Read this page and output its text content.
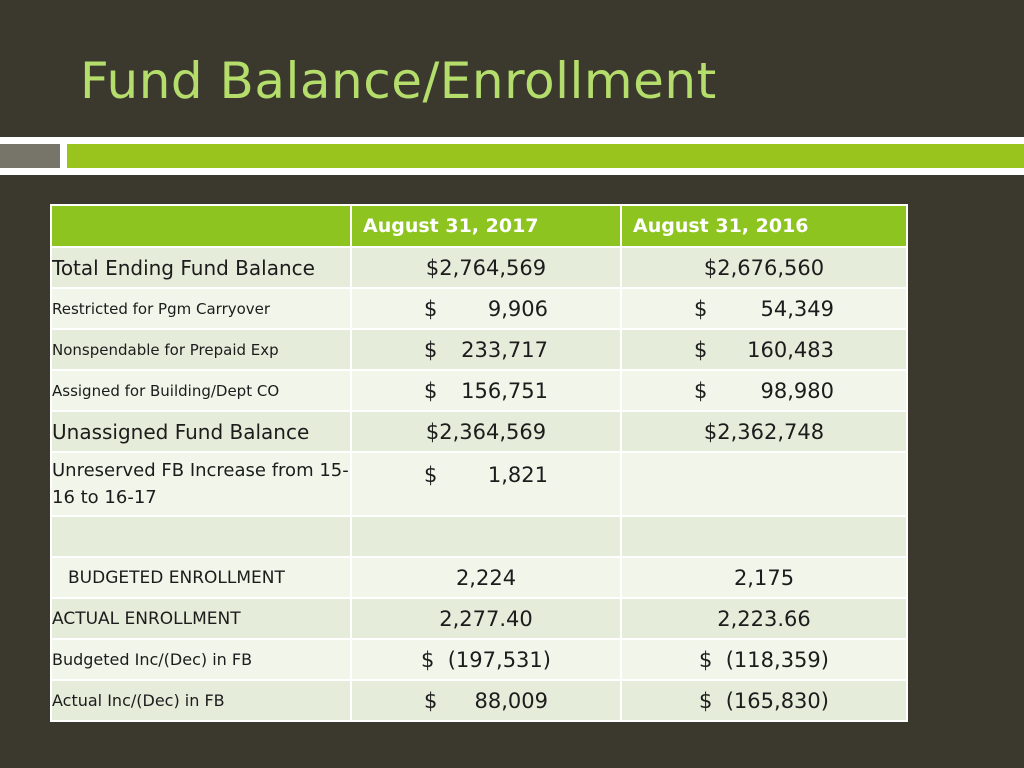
Fund Balance/Enrollment
	August 31, 2017	August 31, 2016
Total Ending Fund Balance	$2,764,569	$2,676,560
Restricted for Pgm Carryover	$ 9,906	$ 54,349

Nonspendable for Prepaid Exp	$ 233,717	$ 160,483

Assigned for Building/Dept CO	$ 156,751	$ 98,980

Unassigned Fund Balance	$2,364,569	$2,362,748
Unreserved FB Increase from 15-16 to 16-17	$ 1,821	

BUDGETED ENROLLMENT	2,224	2,175
ACTUAL ENROLLMENT	2,277.40	2,223.66
Budgeted Inc/(Dec) in FB	$  (197,531)	$  (118,359)
Actual Inc/(Dec) in FB	$ 88,009	$  (165,830)
